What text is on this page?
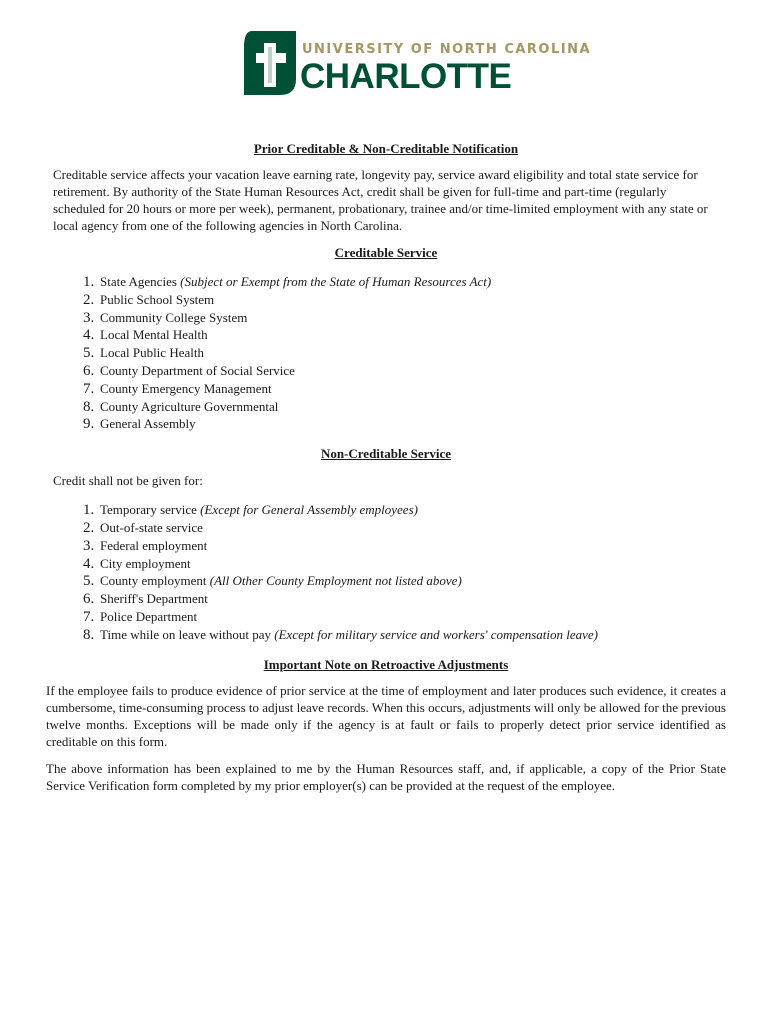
UNIVERSITY OF NORTH CAROLINA
CHARLOTTE

Prior Creditable & Non-Creditable Notification

Creditable service affects your vacation leave earning rate, longevity pay, service award eligibility and total state service for retirement. By authority of the State Human Resources Act, credit shall be given for full-time and part-time (regularly scheduled for 20 hours or more per week), permanent, probationary, trainee and/or time-limited employment with any state or local agency from one of the following agencies in North Carolina.

Creditable Service

1. State Agencies (Subject or Exempt from the State of Human Resources Act)
2. Public School System
3. Community College System
4. Local Mental Health
5. Local Public Health
6. County Department of Social Service
7. County Emergency Management
8. County Agriculture Governmental
9. General Assembly

Non-Creditable Service

Credit shall not be given for:

1. Temporary service (Except for General Assembly employees)
2. Out-of-state service
3. Federal employment
4. City employment
5. County employment (All Other County Employment not listed above)
6. Sheriff's Department
7. Police Department
8. Time while on leave without pay (Except for military service and workers' compensation leave)

Important Note on Retroactive Adjustments

If the employee fails to produce evidence of prior service at the time of employment and later produces such evidence, it creates a cumbersome, time-consuming process to adjust leave records. When this occurs, adjustments will only be allowed for the previous twelve months. Exceptions will be made only if the agency is at fault or fails to properly detect prior service identified as creditable on this form.

The above information has been explained to me by the Human Resources staff, and, if applicable, a copy of the Prior State Service Verification form completed by my prior employer(s) can be provided at the request of the employee.
